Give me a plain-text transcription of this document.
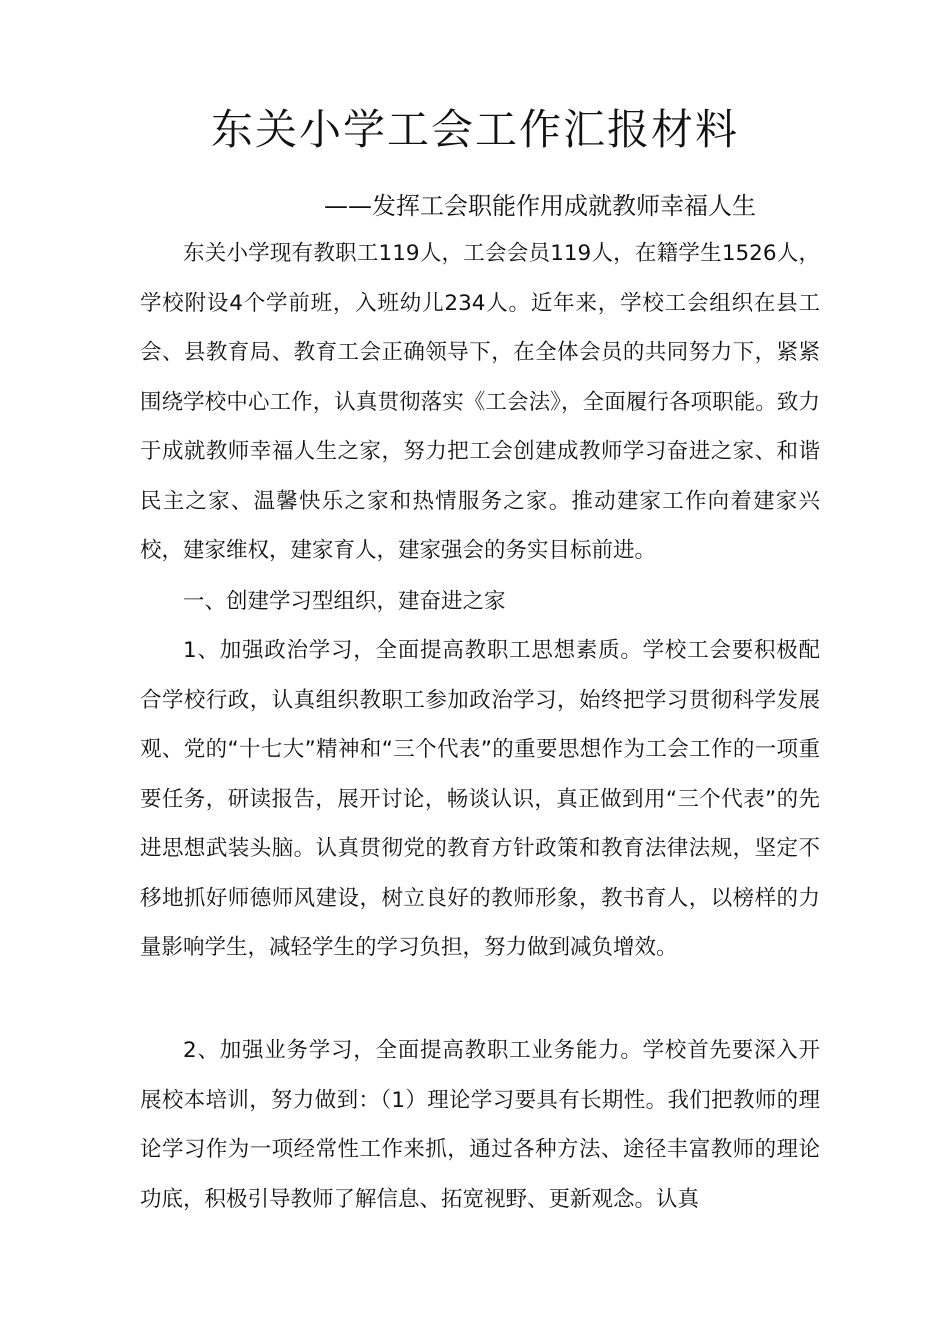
东关小学工会工作汇报材料
——发挥工会职能作用成就教师幸福人生

东关小学现有教职工119人，工会会员119人，在籍学生1526人，学校附设4个学前班，入班幼儿234人。近年来，学校工会组织在县工会、县教育局、教育工会正确领导下，在全体会员的共同努力下，紧紧围绕学校中心工作，认真贯彻落实《工会法》，全面履行各项职能。致力于成就教师幸福人生之家，努力把工会创建成教师学习奋进之家、和谐民主之家、温馨快乐之家和热情服务之家。推动建家工作向着建家兴校，建家维权，建家育人，建家强会的务实目标前进。

一、创建学习型组织，建奋进之家

1、加强政治学习，全面提高教职工思想素质。学校工会要积极配合学校行政，认真组织教职工参加政治学习，始终把学习贯彻科学发展观、党的“十七大”精神和“三个代表”的重要思想作为工会工作的一项重要任务，研读报告，展开讨论，畅谈认识，真正做到用“三个代表”的先进思想武装头脑。认真贯彻党的教育方针政策和教育法律法规，坚定不移地抓好师德师风建设，树立良好的教师形象，教书育人，以榜样的力量影响学生，减轻学生的学习负担，努力做到减负增效。

2、加强业务学习，全面提高教职工业务能力。学校首先要深入开展校本培训，努力做到：（1）理论学习要具有长期性。我们把教师的理论学习作为一项经常性工作来抓，通过各种方法、途径丰富教师的理论功底，积极引导教师了解信息、拓宽视野、更新观念。认真
